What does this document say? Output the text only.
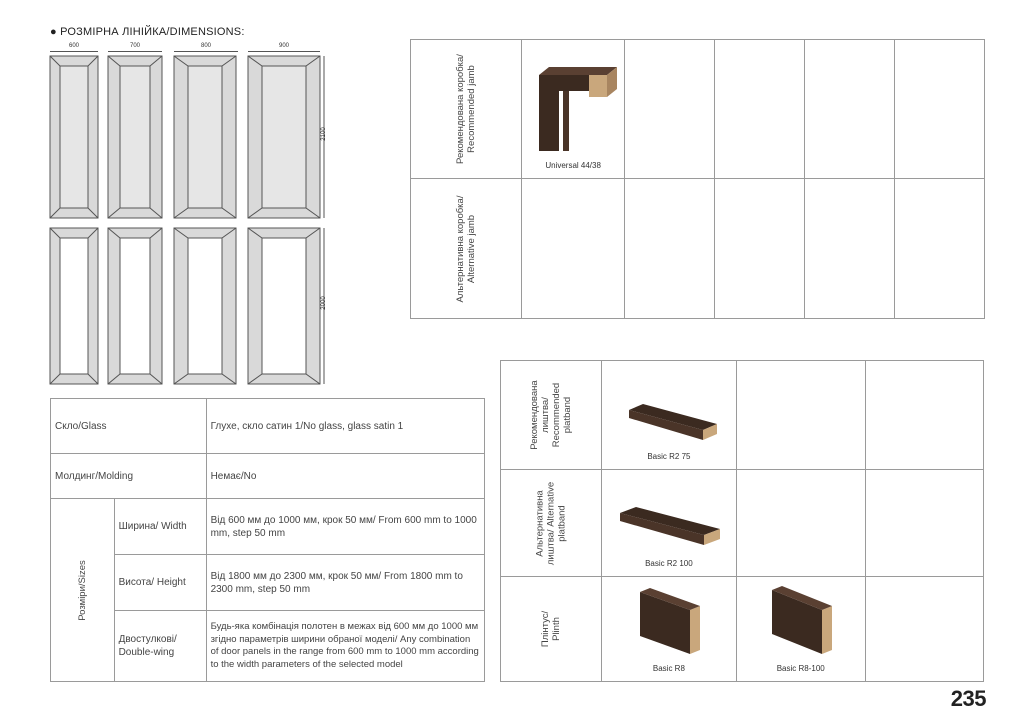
● РОЗМІРНА ЛІНІЙКА/DIMENSIONS:
600	700	800	900
2100
2000
Рекомендована коробка/ Recommended jamb	Universal 44/38				

Альтернативна коробка/ Alternative jamb					

Скло/Glass		Глухе, скло сатин 1/No glass, glass satin 1
Молдинг/Molding		Немає/No

Розміри/Sizes	Ширина/ Width	Від 600 мм до 1000 мм, крок 50 мм/ From 600 mm to 1000 mm, step 50 mm
	Висота/ Height	Від 1800 мм до 2300 мм, крок 50 мм/ From 1800 mm to 2300 mm, step 50 mm
	Двостулкові/ Double-wing	Будь-яка комбінація полотен в межах від 600 мм до 1000 мм згідно параметрів ширини обраної моделі/ Any combination of door panels in the range from 600 mm to 1000 mm according to the width parameters of the selected model
Рекомендована лиштва/ Recommended platband	Basic R2 75		

Альтернативна лиштва/ Alternative platband	Basic R2 100		

Плінтус/ Plinth	Basic R8	Basic R8-100	

235
